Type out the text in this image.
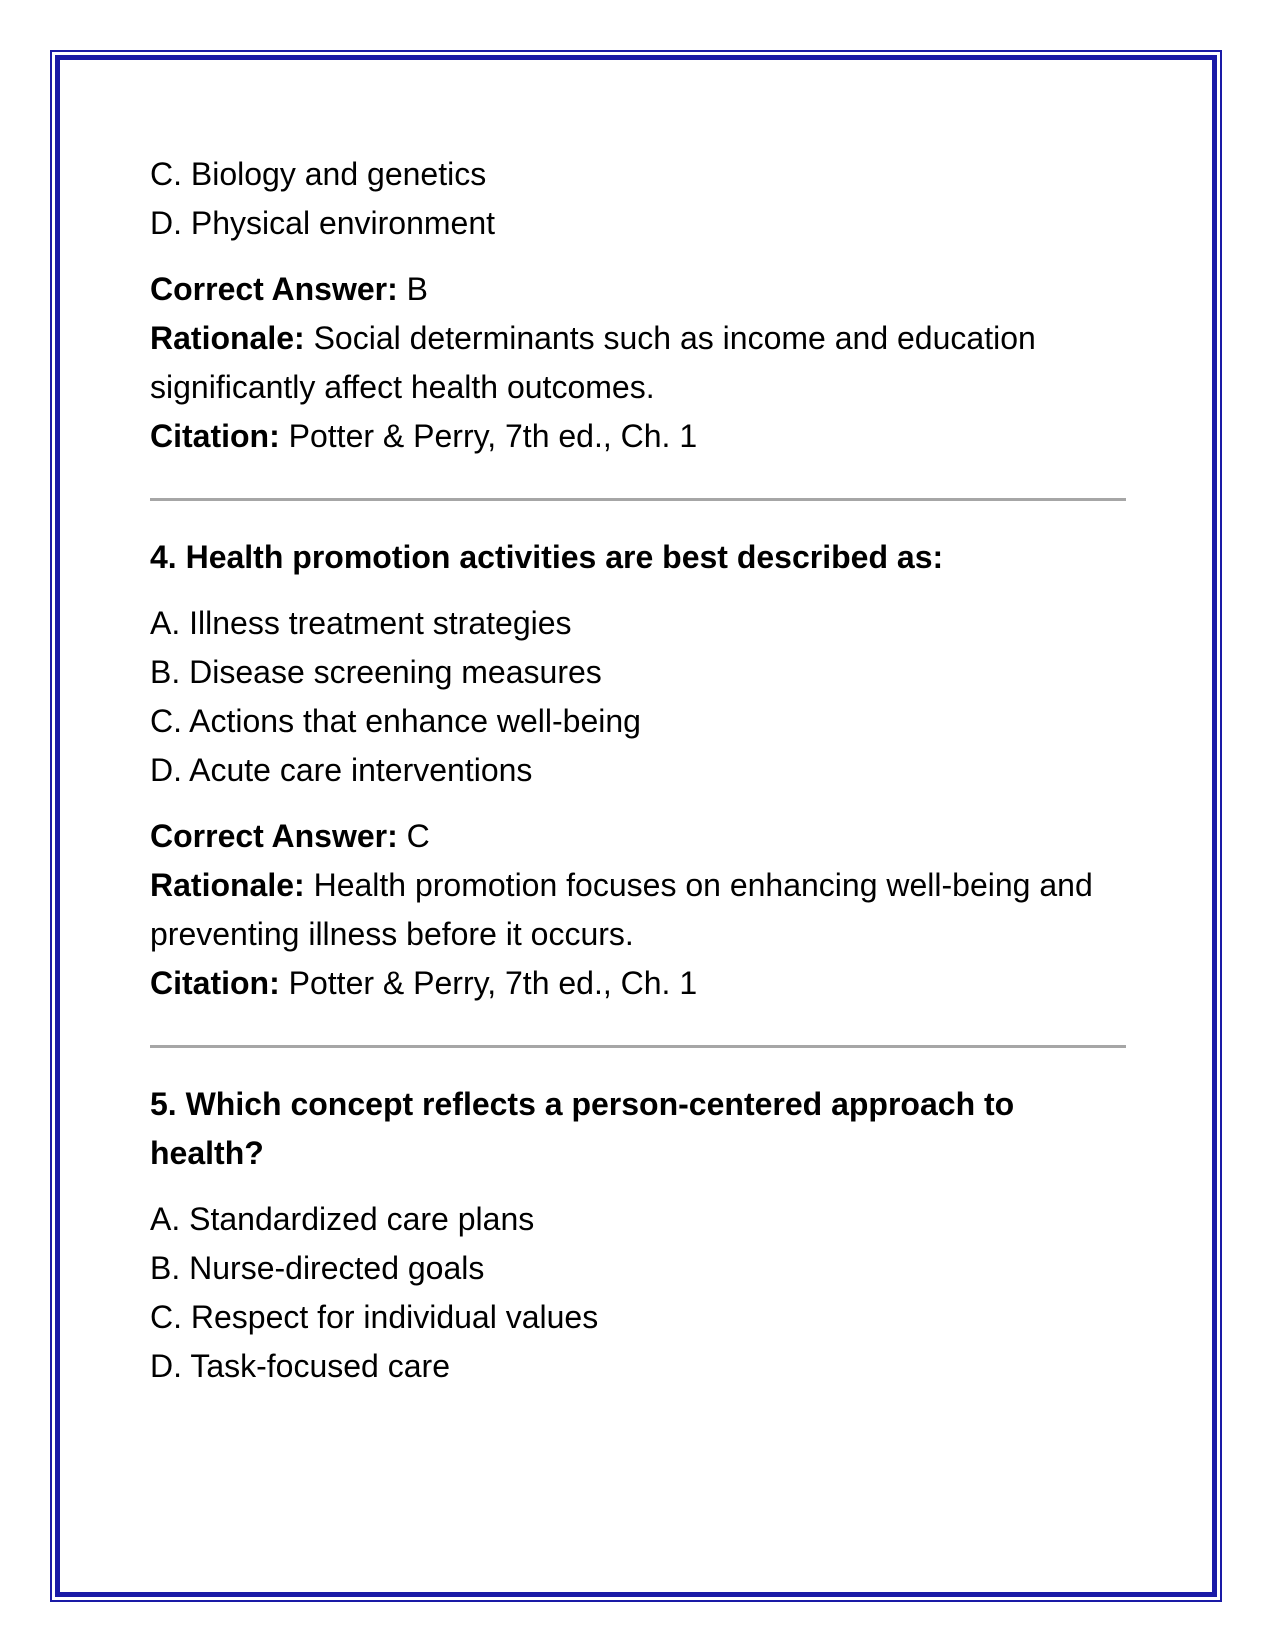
C. Biology and genetics
D. Physical environment
Correct Answer: B
Rationale: Social determinants such as income and education significantly affect health outcomes.
Citation: Potter & Perry, 7th ed., Ch. 1
4. Health promotion activities are best described as:
A. Illness treatment strategies
B. Disease screening measures
C. Actions that enhance well-being
D. Acute care interventions
Correct Answer: C
Rationale: Health promotion focuses on enhancing well-being and preventing illness before it occurs.
Citation: Potter & Perry, 7th ed., Ch. 1
5. Which concept reflects a person-centered approach to health?
A. Standardized care plans
B. Nurse-directed goals
C. Respect for individual values
D. Task-focused care
